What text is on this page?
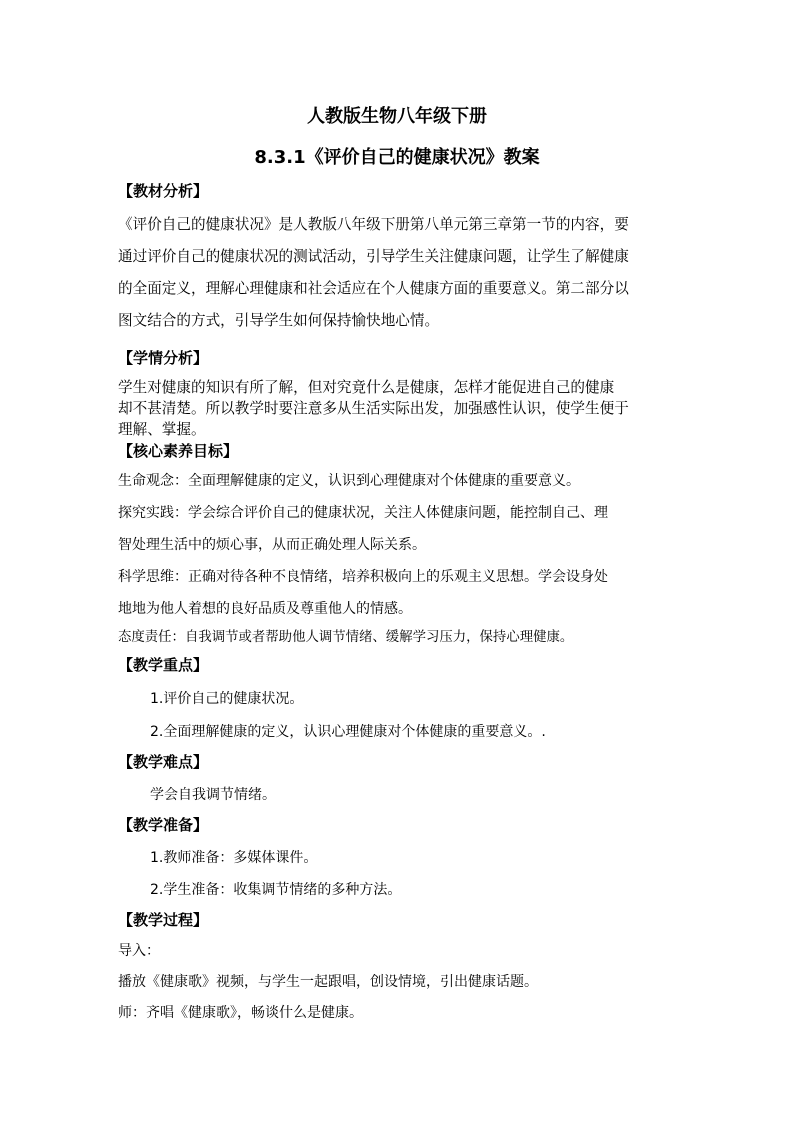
人教版生物八年级下册
8.3.1《评价自己的健康状况》教案
【教材分析】
《评价自己的健康状况》是人教版八年级下册第八单元第三章第一节的内容，要
通过评价自己的健康状况的测试活动，引导学生关注健康问题，让学生了解健康
的全面定义，理解心理健康和社会适应在个人健康方面的重要意义。第二部分以
图文结合的方式，引导学生如何保持愉快地心情。
【学情分析】
学生对健康的知识有所了解，但对究竟什么是健康，怎样才能促进自己的健康
却不甚清楚。所以教学时要注意多从生活实际出发，加强感性认识，使学生便于
理解、掌握。
【核心素养目标】
生命观念：全面理解健康的定义，认识到心理健康对个体健康的重要意义。
探究实践：学会综合评价自己的健康状况，关注人体健康问题，能控制自己、理
智处理生活中的烦心事，从而正确处理人际关系。
科学思维：正确对待各种不良情绪，培养积极向上的乐观主义思想。学会设身处
地地为他人着想的良好品质及尊重他人的情感。
态度责任：自我调节或者帮助他人调节情绪、缓解学习压力，保持心理健康。
【教学重点】
1.评价自己的健康状况。
2.全面理解健康的定义，认识心理健康对个体健康的重要意义。.
【教学难点】
学会自我调节情绪。
【教学准备】
1.教师准备：多媒体课件。
2.学生准备：收集调节情绪的多种方法。
【教学过程】
导入：
播放《健康歌》视频，与学生一起跟唱，创设情境，引出健康话题。
师：齐唱《健康歌》，畅谈什么是健康。
